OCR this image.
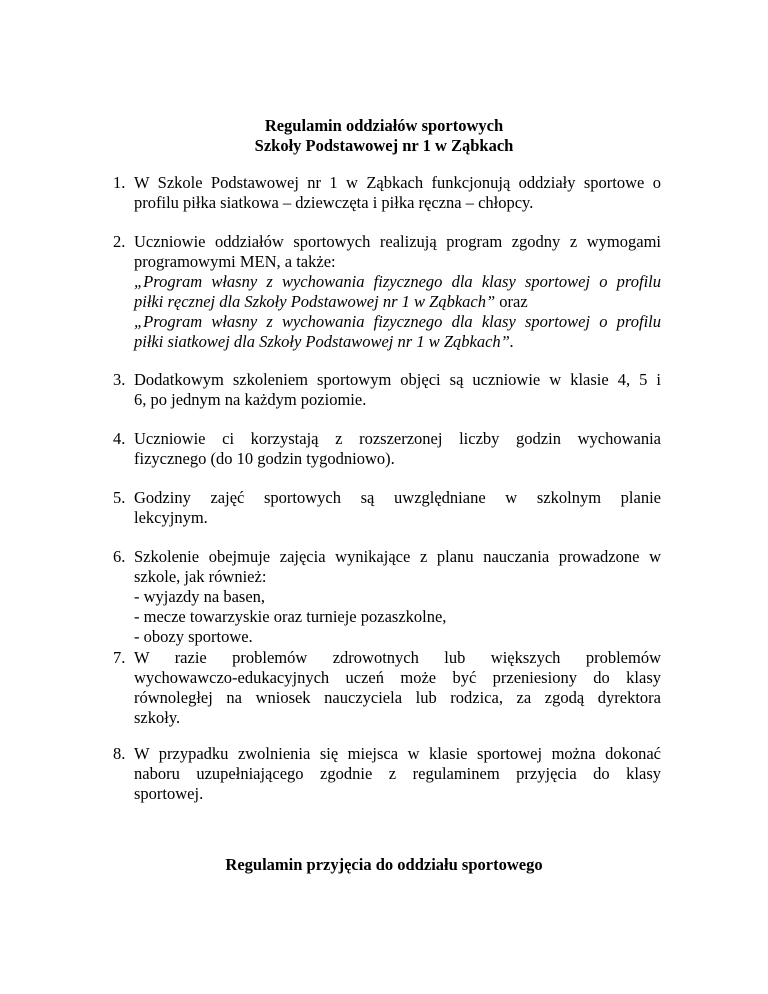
Regulamin oddziałów sportowych
Szkoły Podstawowej nr 1 w Ząbkach
1. W Szkole Podstawowej nr 1 w Ząbkach funkcjonują oddziały sportowe o
profilu piłka siatkowa – dziewczęta i piłka ręczna – chłopcy.
2. Uczniowie oddziałów sportowych realizują program zgodny z wymogami
programowymi MEN, a także:
„Program własny z wychowania fizycznego dla klasy sportowej o profilu
piłki ręcznej dla Szkoły Podstawowej nr 1 w Ząbkach” oraz
„Program własny z wychowania fizycznego dla klasy sportowej o profilu
piłki siatkowej dla Szkoły Podstawowej nr 1 w Ząbkach”.
3. Dodatkowym szkoleniem sportowym objęci są uczniowie w klasie 4, 5 i
6, po jednym na każdym poziomie.
4. Uczniowie ci korzystają z rozszerzonej liczby godzin wychowania
fizycznego (do 10 godzin tygodniowo).
5. Godziny zajęć sportowych są uwzględniane w szkolnym planie
lekcyjnym.
6. Szkolenie obejmuje zajęcia wynikające z planu nauczania prowadzone w
szkole, jak również:
- wyjazdy na basen,
- mecze towarzyskie oraz turnieje pozaszkolne,
- obozy sportowe.
7. W razie problemów zdrowotnych lub większych problemów
wychowawczo-edukacyjnych uczeń może być przeniesiony do klasy
równoległej na wniosek nauczyciela lub rodzica, za zgodą dyrektora
szkoły.
8. W przypadku zwolnienia się miejsca w klasie sportowej można dokonać
naboru uzupełniającego zgodnie z regulaminem przyjęcia do klasy
sportowej.
Regulamin przyjęcia do oddziału sportowego
